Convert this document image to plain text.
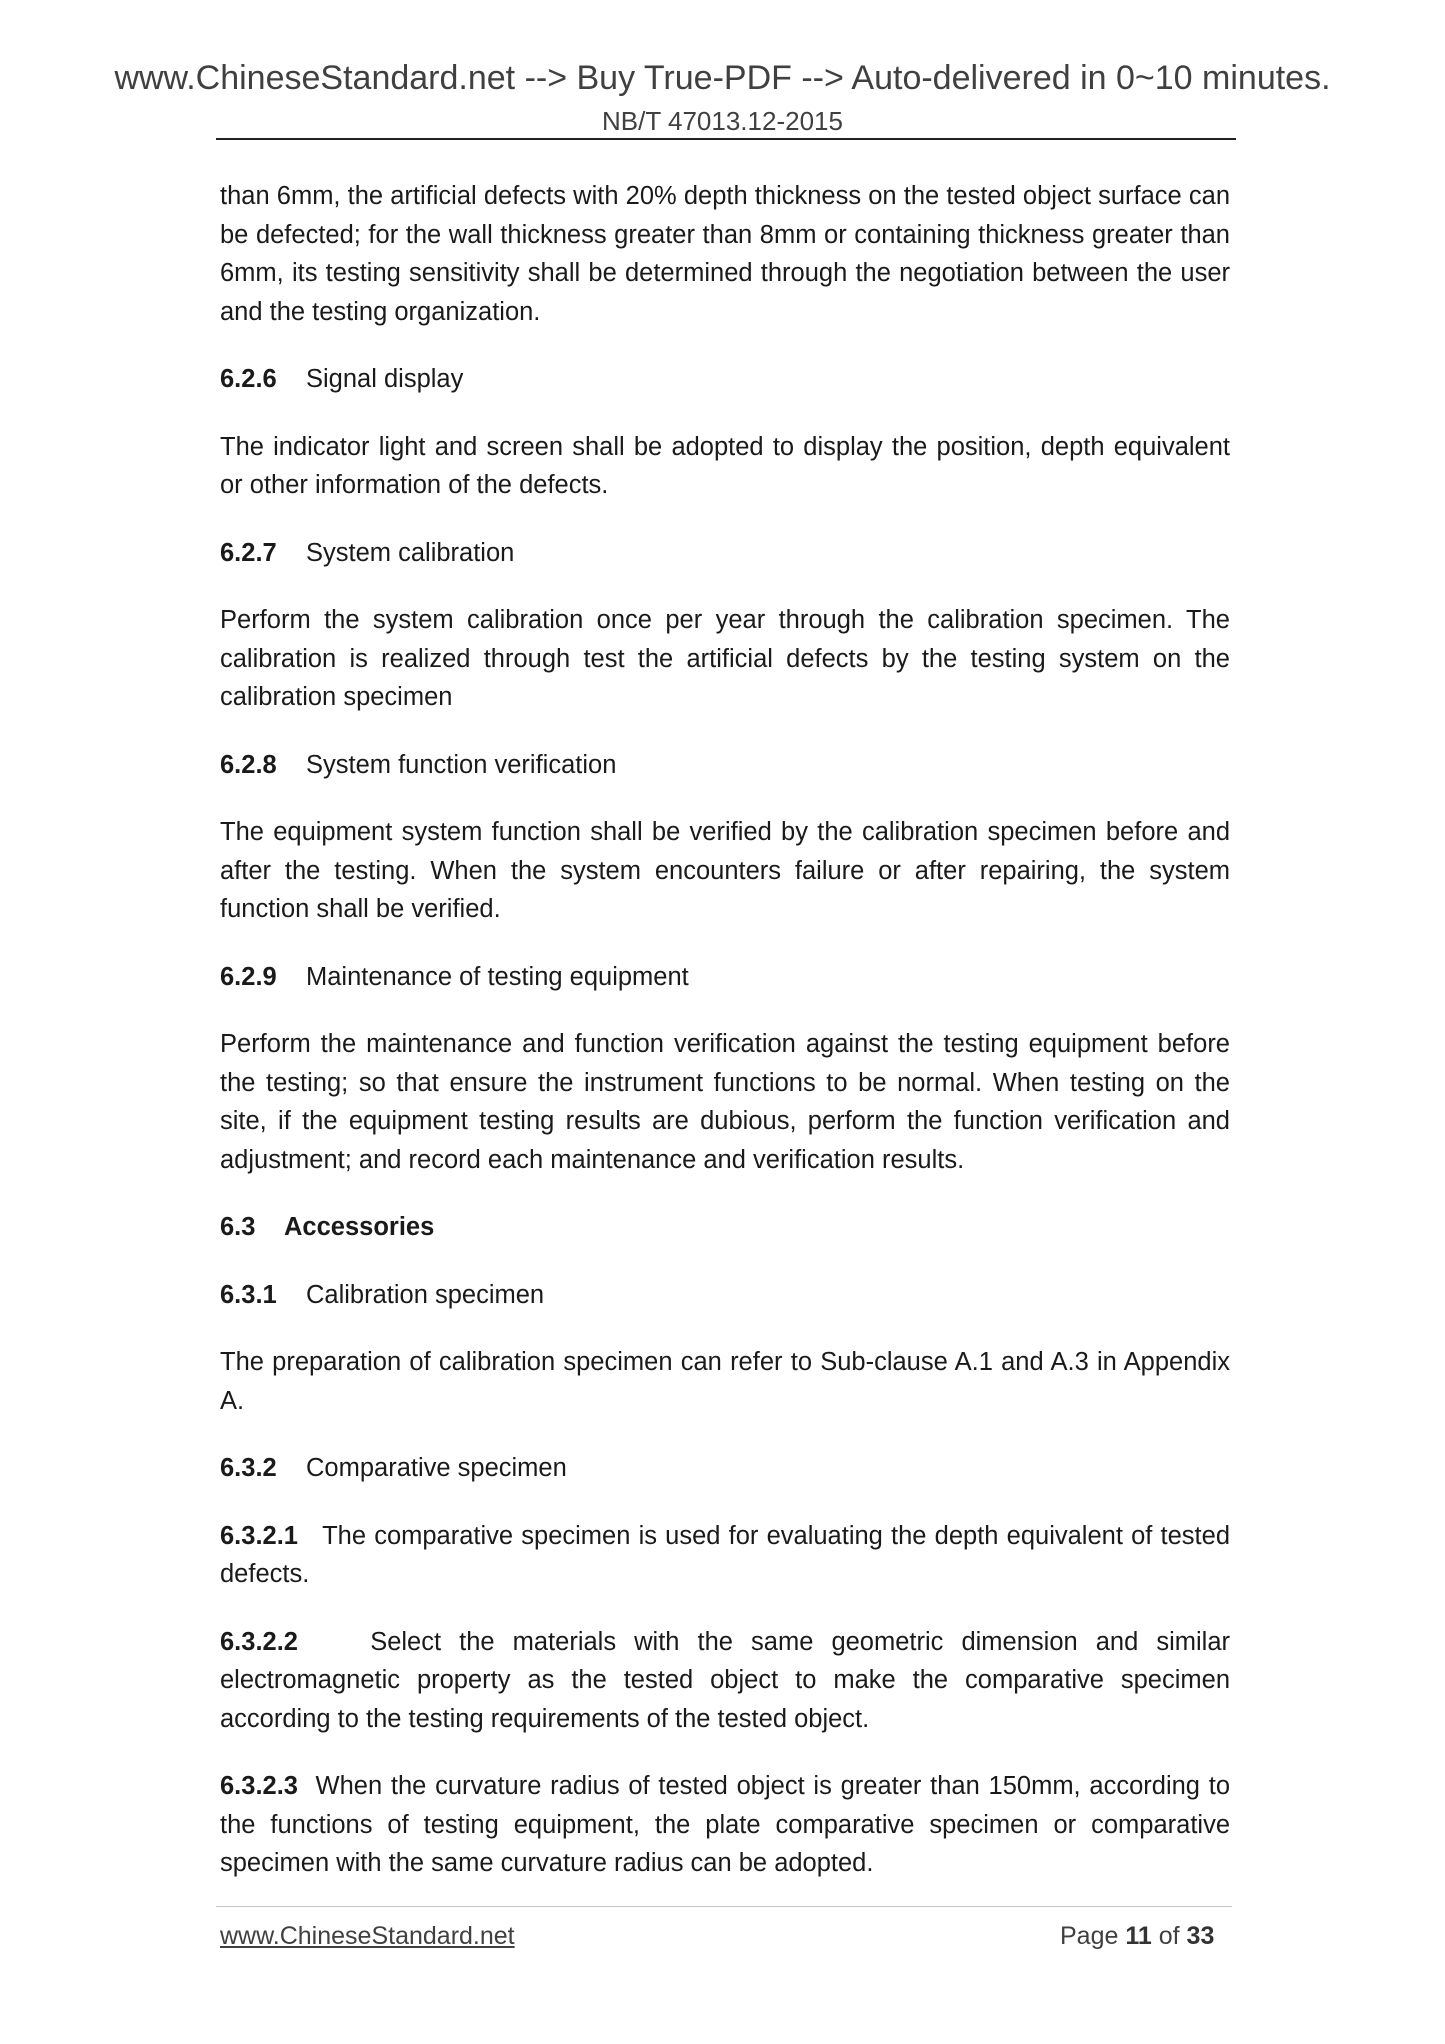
www.ChineseStandard.net --> Buy True-PDF --> Auto-delivered in 0~10 minutes.
NB/T 47013.12-2015

than 6mm, the artificial defects with 20% depth thickness on the tested object surface can be defected; for the wall thickness greater than 8mm or containing thickness greater than 6mm, its testing sensitivity shall be determined through the negotiation between the user and the testing organization.

6.2.6 Signal display

The indicator light and screen shall be adopted to display the position, depth equivalent or other information of the defects.

6.2.7 System calibration

Perform the system calibration once per year through the calibration specimen. The calibration is realized through test the artificial defects by the testing system on the calibration specimen

6.2.8 System function verification

The equipment system function shall be verified by the calibration specimen before and after the testing. When the system encounters failure or after repairing, the system function shall be verified.

6.2.9 Maintenance of testing equipment

Perform the maintenance and function verification against the testing equipment before the testing; so that ensure the instrument functions to be normal. When testing on the site, if the equipment testing results are dubious, perform the function verification and adjustment; and record each maintenance and verification results.

6.3 Accessories

6.3.1 Calibration specimen

The preparation of calibration specimen can refer to Sub-clause A.1 and A.3 in Appendix A.

6.3.2 Comparative specimen

6.3.2.1 The comparative specimen is used for evaluating the depth equivalent of tested defects.

6.3.2.2	Select the materials with the same geometric dimension and similar electromagnetic property as the tested object to make the comparative specimen according to the testing requirements of the tested object.

6.3.2.3 When the curvature radius of tested object is greater than 150mm, according to the functions of testing equipment, the plate comparative specimen or comparative specimen with the same curvature radius can be adopted.

www.ChineseStandard.net	Page 11 of 33
